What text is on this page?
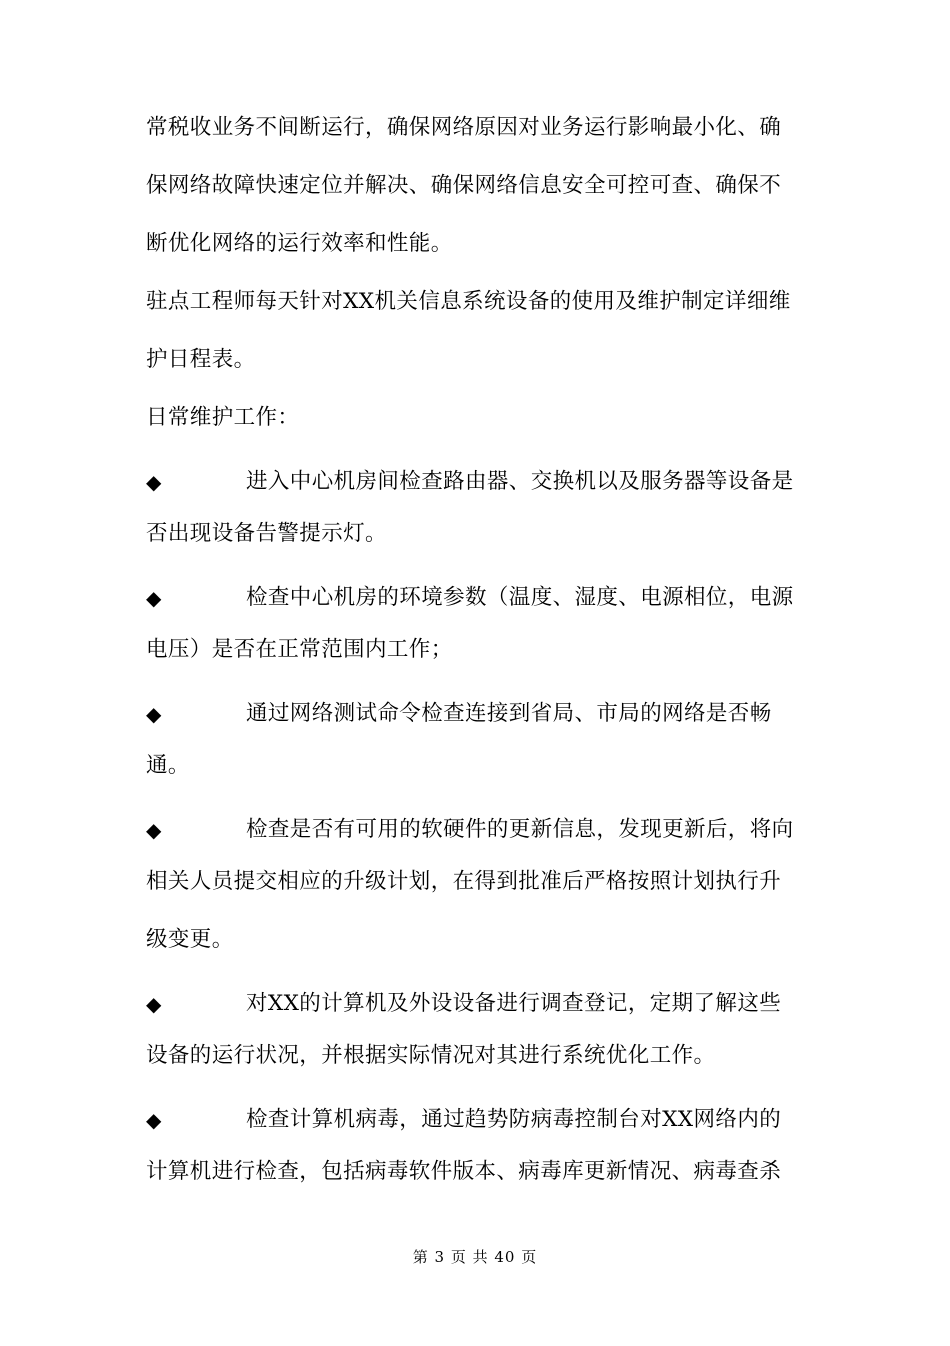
常税收业务不间断运行，确保网络原因对业务运行影响最小化、确
保网络故障快速定位并解决、确保网络信息安全可控可查、确保不
断优化网络的运行效率和性能。
驻点工程师每天针对XX机关信息系统设备的使用及维护制定详细维
护日程表。
日常维护工作：
◆	进入中心机房间检查路由器、交换机以及服务器等设备是
否出现设备告警提示灯。
◆	检查中心机房的环境参数（温度、湿度、电源相位，电源
电压）是否在正常范围内工作；
◆	通过网络测试命令检查连接到省局、市局的网络是否畅
通。
◆	检查是否有可用的软硬件的更新信息，发现更新后，将向
相关人员提交相应的升级计划，在得到批准后严格按照计划执行升
级变更。
◆	对XX的计算机及外设设备进行调查登记，定期了解这些
设备的运行状况，并根据实际情况对其进行系统优化工作。
◆	检查计算机病毒，通过趋势防病毒控制台对XX网络内的
计算机进行检查，包括病毒软件版本、病毒库更新情况、病毒查杀
第 3 页 共 40 页
